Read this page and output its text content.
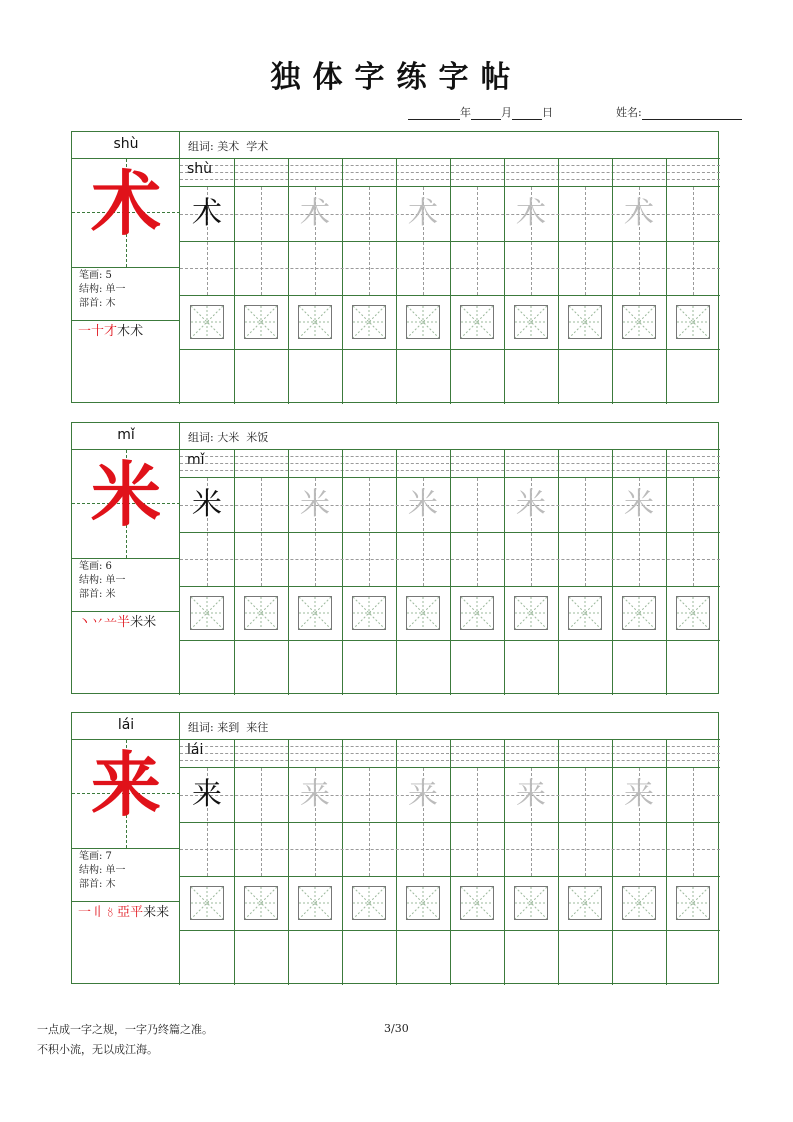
独体字练字帖
年	月	日	姓名:
shù	组词: 美术  学术
术
笔画: 5
结构: 单一
部首: 木
一十才木术
shù
术	术	术	术	术
mǐ	组词: 大米  米饭
米
笔画: 6
结构: 单一
部首: 米
丶丷䒑半米米
mǐ
米	米	米	米	米
lái	组词: 来到  来往
来
笔画: 7
结构: 单一
部首: 木
一〢〥亞平来来
lái
来	来	来	来	来
一点成一字之规，一字乃终篇之准。
不积小流，无以成江海。
3/30
